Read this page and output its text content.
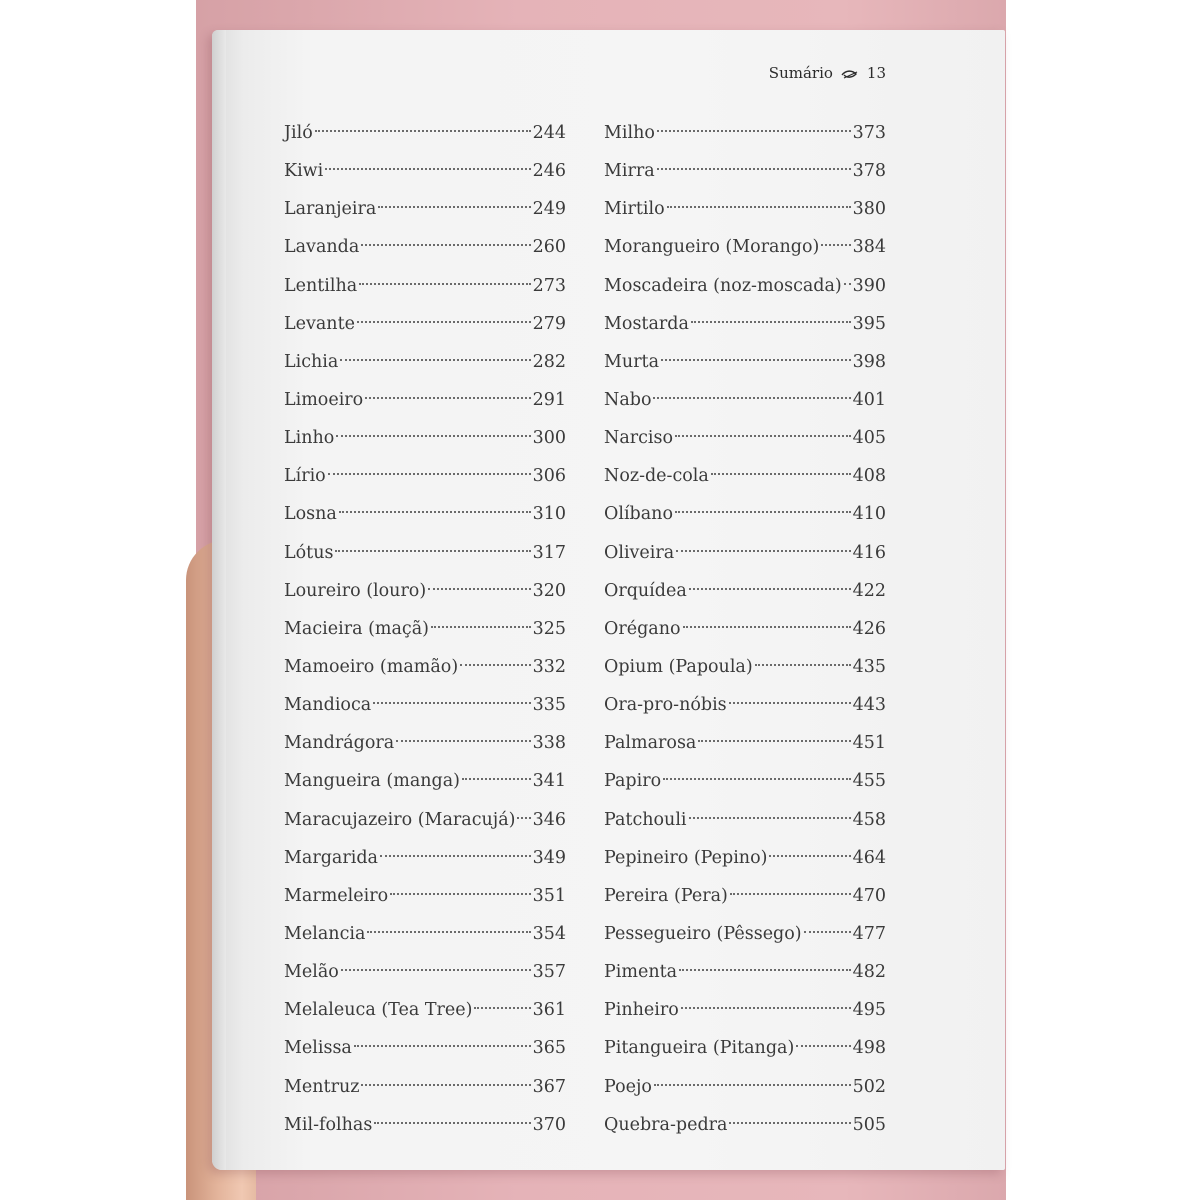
Sumário 13
Jiló	244
Kiwi	246
Laranjeira	249
Lavanda	260
Lentilha	273
Levante	279
Lichia	282
Limoeiro	291
Linho	300
Lírio	306
Losna	310
Lótus	317
Loureiro (louro)	320
Macieira (maçã)	325
Mamoeiro (mamão)	332
Mandioca	335
Mandrágora	338
Mangueira (manga)	341
Maracujazeiro (Maracujá) 346
Margarida	349
Marmeleiro	351
Melancia	354
Melão	357
Melaleuca (Tea Tree)	361
Melissa	365
Mentruz	367
Mil-folhas	370
Milho	373
Mirra	378
Mirtilo	380
Morangueiro (Morango) 384
Moscadeira (noz-moscada) 390
Mostarda	395
Murta	398
Nabo	401
Narciso	405
Noz-de-cola	408
Olíbano	410
Oliveira	416
Orquídea	422
Orégano	426
Opium (Papoula)	435
Ora-pro-nóbis	443
Palmarosa	451
Papiro	455
Patchouli	458
Pepineiro (Pepino)	464
Pereira (Pera)	470
Pessegueiro (Pêssego)	477
Pimenta	482
Pinheiro	495
Pitangueira (Pitanga)	498
Poejo	502
Quebra-pedra	505
